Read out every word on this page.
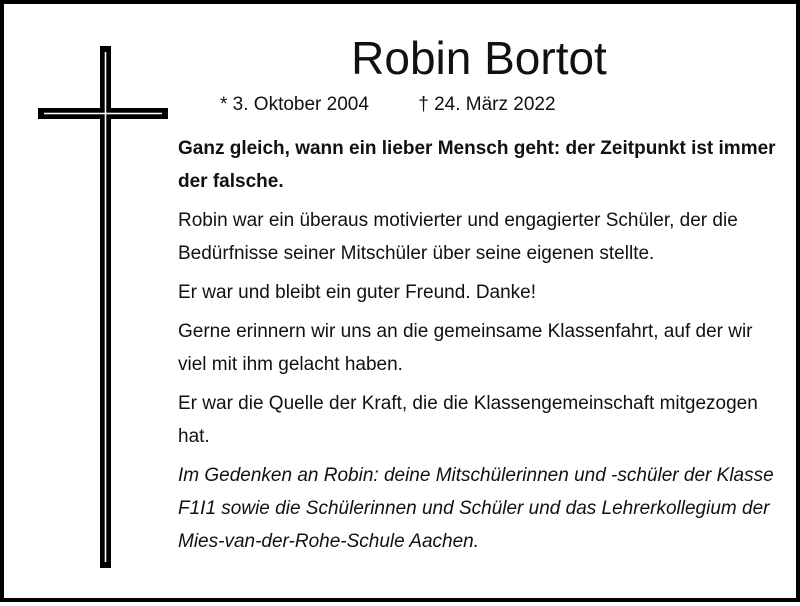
Robin Bortot
* 3. Oktober 2004	† 24. März 2022

Ganz gleich, wann ein lieber Mensch geht: der Zeitpunkt ist immer der falsche.

Robin war ein überaus motivierter und engagierter Schüler, der die Bedürfnisse seiner Mitschüler über seine eigenen stellte.

Er war und bleibt ein guter Freund. Danke!

Gerne erinnern wir uns an die gemeinsame Klassenfahrt, auf der wir viel mit ihm gelacht haben.

Er war die Quelle der Kraft, die die Klassengemeinschaft mitgezogen hat.

Im Gedenken an Robin: deine Mitschülerinnen und -schüler der Klasse F1I1 sowie die Schülerinnen und Schüler und das Lehrerkollegium der Mies-van-der-Rohe-Schule Aachen.
